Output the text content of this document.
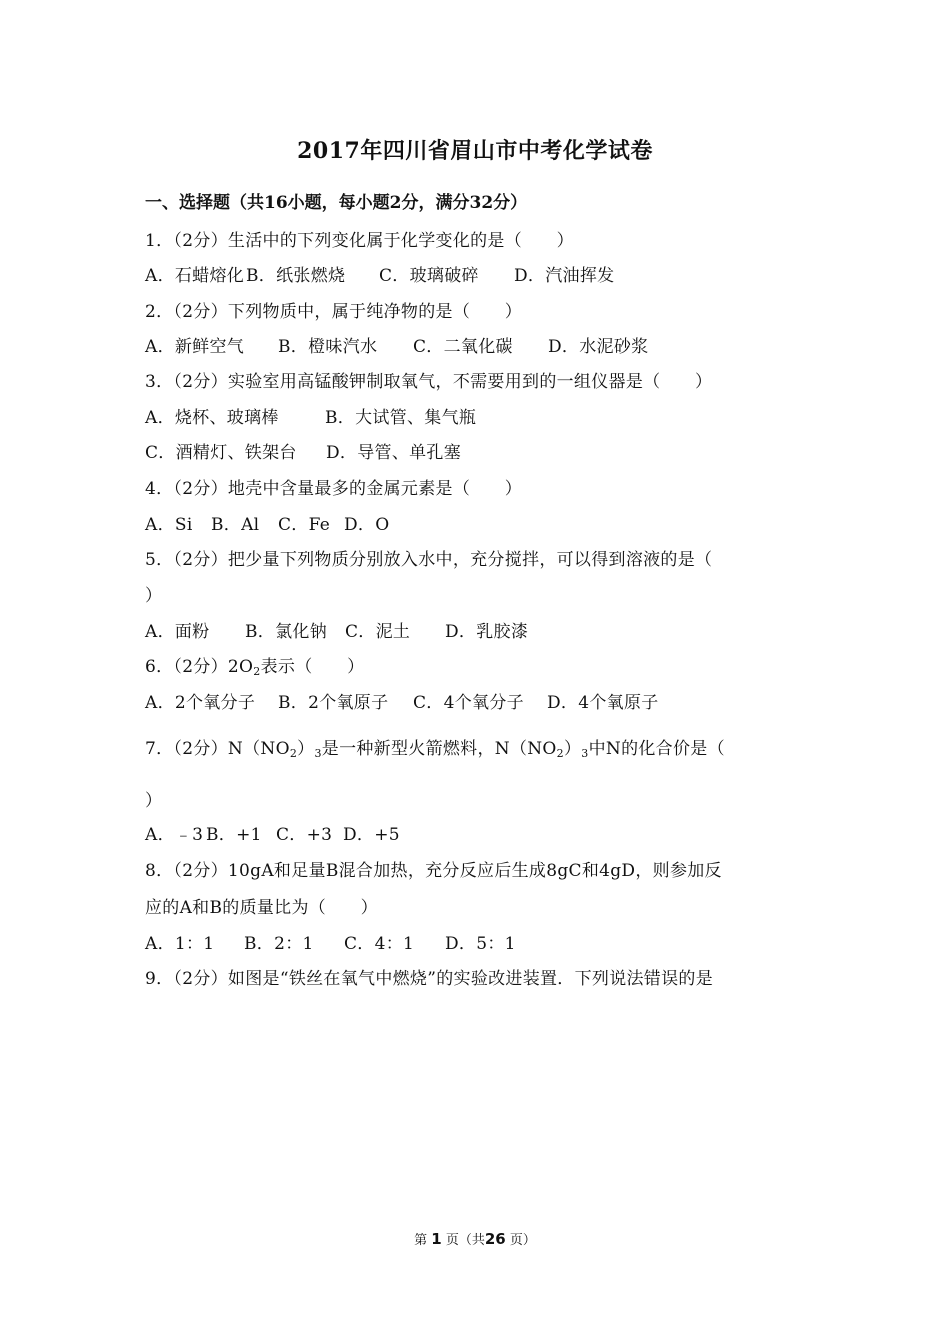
2017年四川省眉山市中考化学试卷
一、选择题（共16小题，每小题2分，满分32分）
1．（2分）生活中的下列变化属于化学变化的是（　　）
A．石蜡熔化 B．纸张燃烧 C．玻璃破碎 D．汽油挥发
2．（2分）下列物质中，属于纯净物的是（　　）
A．新鲜空气 B．橙味汽水 C．二氧化碳 D．水泥砂浆
3．（2分）实验室用高锰酸钾制取氧气，不需要用到的一组仪器是（　　）
A．烧杯、玻璃棒	B．大试管、集气瓶
C．酒精灯、铁架台 D．导管、单孔塞
4．（2分）地壳中含量最多的金属元素是（　　）
A．Si B．Al C．Fe D．O
5．（2分）把少量下列物质分别放入水中，充分搅拌，可以得到溶液的是（
）
A．面粉 B．氯化钠 C．泥土 D．乳胶漆
6．（2分）$2O_2$表示（　　）
A．2个氧分子 B．2个氧原子 C．4个氧分子 D．4个氧原子
7．（2分）$N(NO_2)_3$是一种新型火箭燃料，$N(NO_2)_3$中N的化合价是（
）
A．﹣3 B．+1 C．+3 D．+5
8．（2分）10gA和足量B混合加热，充分反应后生成8gC和4gD，则参加反
应的A和B的质量比为（　　）
A．1：1 B．2：1 C．4：1 D．5：1
9．（2分）如图是“铁丝在氧气中燃烧”的实验改进装置．下列说法错误的是
第 1 页（共26 页）
